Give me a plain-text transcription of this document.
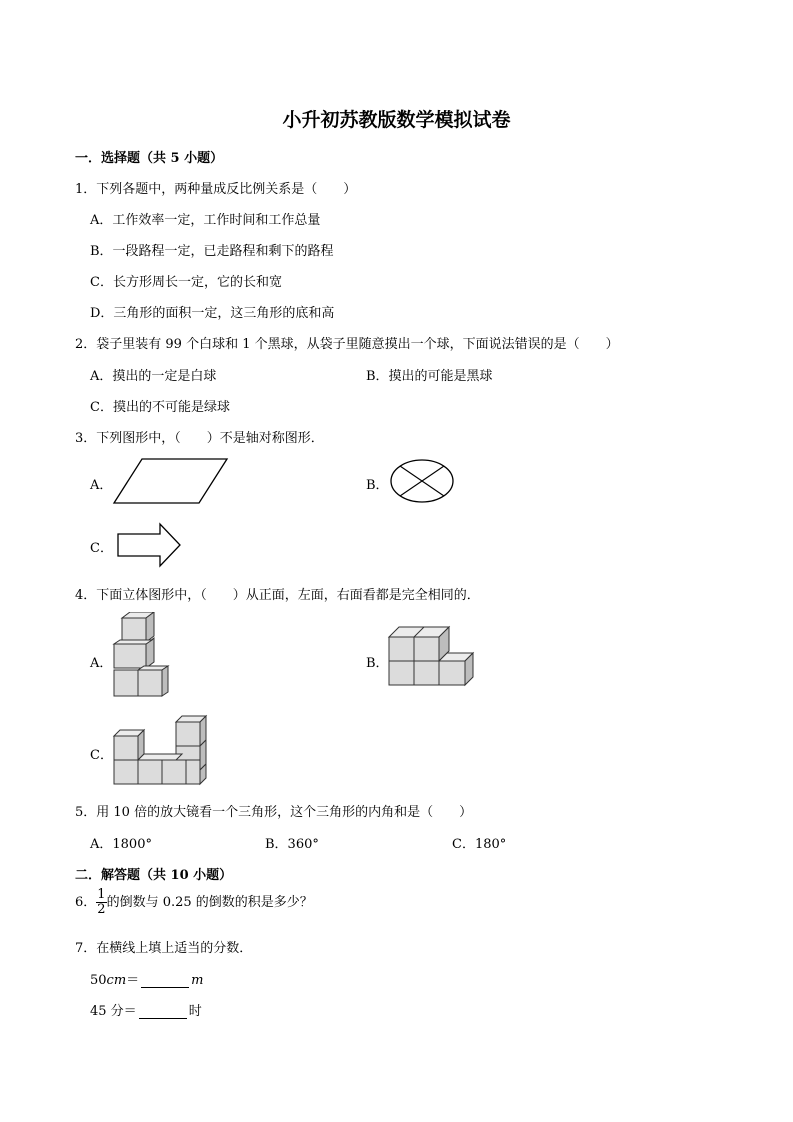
小升初苏教版数学模拟试卷
一．选择题（共 5 小题）
1．下列各题中，两种量成反比例关系是（　　）
A．工作效率一定，工作时间和工作总量
B．一段路程一定，已走路程和剩下的路程
C．长方形周长一定，它的长和宽
D．三角形的面积一定，这三角形的底和高
2．袋子里装有 99 个白球和 1 个黑球，从袋子里随意摸出一个球，下面说法错误的是（　　）
A．摸出的一定是白球	B．摸出的可能是黑球
C．摸出的不可能是绿球
3．下列图形中，（　　）不是轴对称图形．
A．	B．
C．
4．下面立体图形中，（　　）从正面，左面，右面看都是完全相同的．
A．	B．
C．
5．用 10 倍的放大镜看一个三角形，这个三角形的内角和是（　　）
A．1800°	B．360°	C．180°
二．解答题（共 10 小题）
6． $\frac{1}{2}$ 的倒数与 0.25 的倒数的积是多少？
7．在横线上填上适当的分数．
50cm＝	m
45 分＝	时
